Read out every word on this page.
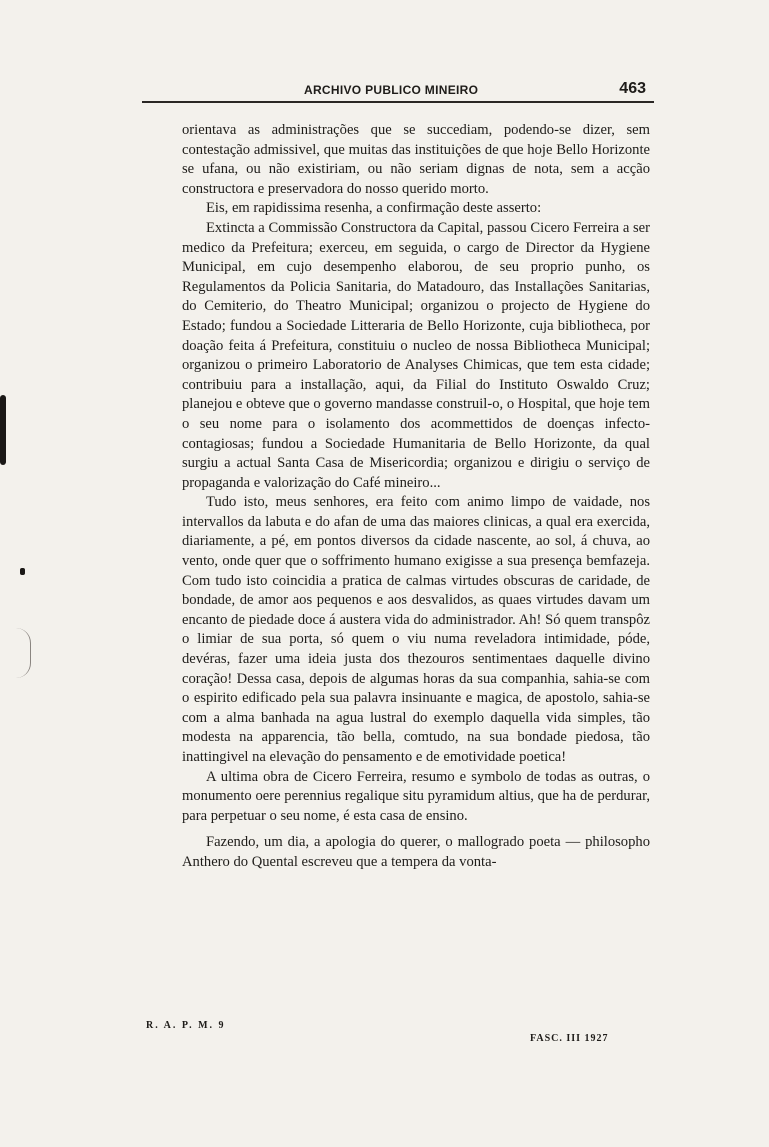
ARCHIVO PUBLICO MINEIRO	463

orientava as administrações que se succediam, podendo-se dizer, sem contestação admissivel, que muitas das instituições de que hoje Bello Horizonte se ufana, ou não existiriam, ou não seriam dignas de nota, sem a acção constructora e preservadora do nosso querido morto.

Eis, em rapidissima resenha, a confirmação deste asserto:

Extincta a Commissão Constructora da Capital, passou Cicero Ferreira a ser medico da Prefeitura; exerceu, em seguida, o cargo de Director da Hygiene Municipal, em cujo desempenho elaborou, de seu proprio punho, os Regulamentos da Policia Sanitaria, do Matadouro, das Installações Sanitarias, do Cemiterio, do Theatro Municipal; organizou o projecto de Hygiene do Estado; fundou a Sociedade Litteraria de Bello Horizonte, cuja bibliotheca, por doação feita á Prefeitura, constituiu o nucleo de nossa Bibliotheca Municipal; organizou o primeiro Laboratorio de Analyses Chimicas, que tem esta cidade; contribuiu para a installação, aqui, da Filial do Instituto Oswaldo Cruz; planejou e obteve que o governo mandasse construil-o, o Hospital, que hoje tem o seu nome para o isolamento dos acommettidos de doenças infecto-contagiosas; fundou a Sociedade Humanitaria de Bello Horizonte, da qual surgiu a actual Santa Casa de Misericordia; organizou e dirigiu o serviço de propaganda e valorização do Café mineiro...

Tudo isto, meus senhores, era feito com animo limpo de vaidade, nos intervallos da labuta e do afan de uma das maiores clinicas, a qual era exercida, diariamente, a pé, em pontos diversos da cidade nascente, ao sol, á chuva, ao vento, onde quer que o soffrimento humano exigisse a sua presença bemfazeja. Com tudo isto coincidia a pratica de calmas virtudes obscuras de caridade, de bondade, de amor aos pequenos e aos desvalidos, as quaes virtudes davam um encanto de piedade doce á austera vida do administrador. Ah! Só quem transpôz o limiar de sua porta, só quem o viu numa reveladora intimidade, póde, devéras, fazer uma ideia justa dos thezouros sentimentaes daquelle divino coração! Dessa casa, depois de algumas horas da sua companhia, sahia-se com o espirito edificado pela sua palavra insinuante e magica, de apostolo, sahia-se com a alma banhada na agua lustral do exemplo daquella vida simples, tão modesta na apparencia, tão bella, comtudo, na sua bondade piedosa, tão inattingivel na elevação do pensamento e de emotividade poetica!

A ultima obra de Cicero Ferreira, resumo e symbolo de todas as outras, o monumento oere perennius regalique situ pyramidum altius, que ha de perdurar, para perpetuar o seu nome, é esta casa de ensino.

Fazendo, um dia, a apologia do querer, o mallogrado poeta — philosopho Anthero do Quental escreveu que a tempera da vonta-

R. A. P. M. 9
FASC. III 1927
